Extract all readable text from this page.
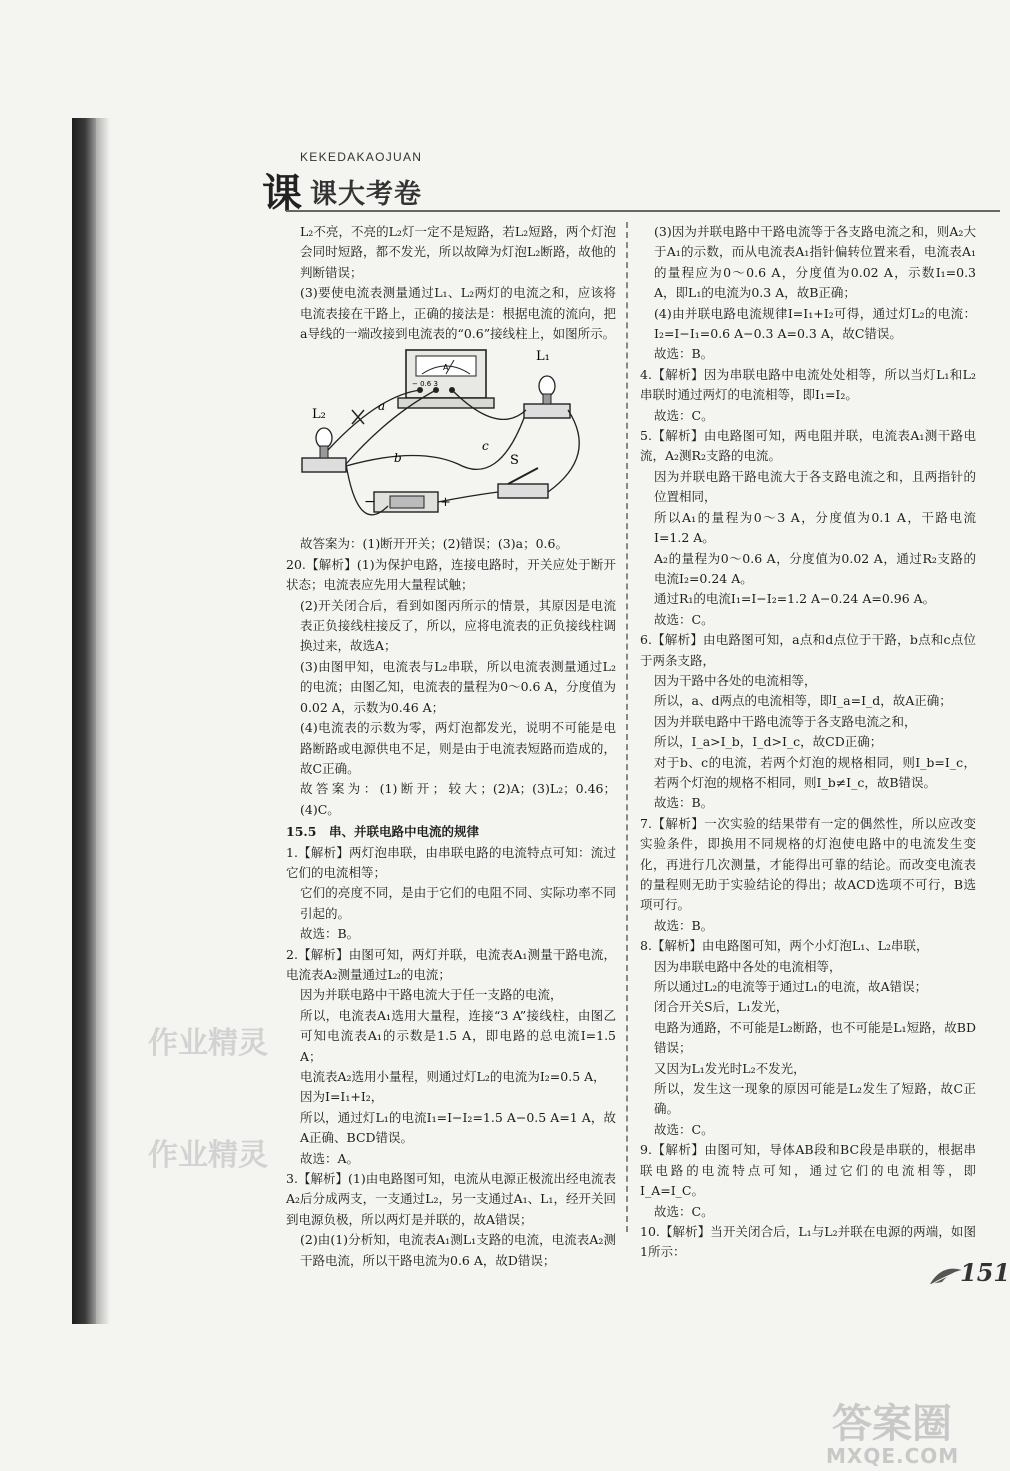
KEKEDAKAOJUAN
课 课大考卷

L₂不亮，不亮的L₂灯一定不是短路，若L₂短路，两个灯泡会同时短路，都不发光，所以故障为灯泡L₂断路，故他的判断错误；

(3)要使电流表测量通过L₁、L₂两灯的电流之和，应该将电流表接在干路上，正确的接法是：根据电流的流向，把a导线的一端改接到电流表的“0.6”接线柱上，如图所示。

A
− 0.6 3
L₁
L₂
−	+
S
a
b
c

故答案为：(1)断开开关；(2)错误；(3)a；0.6。

20.【解析】(1)为保护电路，连接电路时，开关应处于断开状态；电流表应先用大量程试触；

(2)开关闭合后，看到如图丙所示的情景，其原因是电流表正负接线柱接反了，所以，应将电流表的正负接线柱调换过来，故选A；

(3)由图甲知，电流表与L₂串联，所以电流表测量通过L₂的电流；由图乙知，电流表的量程为0～0.6 A，分度值为0.02 A，示数为0.46 A；

(4)电流表的示数为零，两灯泡都发光，说明不可能是电路断路或电源供电不足，则是由于电流表短路而造成的，故C正确。

故答案为：(1)断开；较大；(2)A；(3)L₂；0.46；(4)C。

15.5　串、并联电路中电流的规律

1.【解析】两灯泡串联，由串联电路的电流特点可知：流过它们的电流相等；

它们的亮度不同，是由于它们的电阻不同、实际功率不同引起的。

故选：B。

2.【解析】由图可知，两灯并联，电流表A₁测量干路电流，电流表A₂测量通过L₂的电流；

因为并联电路中干路电流大于任一支路的电流，

所以，电流表A₁选用大量程，连接“3 A”接线柱，由图乙可知电流表A₁的示数是1.5 A，即电路的总电流I=1.5 A；

电流表A₂选用小量程，则通过灯L₂的电流为I₂=0.5 A，

因为I=I₁+I₂，

所以，通过灯L₁的电流I₁=I−I₂=1.5 A−0.5 A=1 A，故A正确、BCD错误。

故选：A。

3.【解析】(1)由电路图可知，电流从电源正极流出经电流表A₂后分成两支，一支通过L₂，另一支通过A₁、L₁，经开关回到电源负极，所以两灯是并联的，故A错误；

(2)由(1)分析知，电流表A₁测L₁支路的电流，电流表A₂测干路电流，所以干路电流为0.6 A，故D错误；

(3)因为并联电路中干路电流等于各支路电流之和，则A₂大于A₁的示数，而从电流表A₁指针偏转位置来看，电流表A₁的量程应为0～0.6 A，分度值为0.02 A，示数I₁=0.3 A，即L₁的电流为0.3 A，故B正确；

(4)由并联电路电流规律I=I₁+I₂可得，通过灯L₂的电流：I₂=I−I₁=0.6 A−0.3 A=0.3 A，故C错误。

故选：B。

4.【解析】因为串联电路中电流处处相等，所以当灯L₁和L₂串联时通过两灯的电流相等，即I₁=I₂。

故选：C。

5.【解析】由电路图可知，两电阻并联，电流表A₁测干路电流，A₂测R₂支路的电流。

因为并联电路干路电流大于各支路电流之和，且两指针的位置相同，

所以A₁的量程为0～3 A，分度值为0.1 A，干路电流I=1.2 A。

A₂的量程为0～0.6 A，分度值为0.02 A，通过R₂支路的电流I₂=0.24 A。

通过R₁的电流I₁=I−I₂=1.2 A−0.24 A=0.96 A。

故选：C。

6.【解析】由电路图可知，a点和d点位于干路，b点和c点位于两条支路，

因为干路中各处的电流相等，

所以，a、d两点的电流相等，即I_a=I_d，故A正确；

因为并联电路中干路电流等于各支路电流之和，

所以，I_a>I_b，I_d>I_c，故CD正确；

对于b、c的电流，若两个灯泡的规格相同，则I_b=I_c，若两个灯泡的规格不相同，则I_b≠I_c，故B错误。

故选：B。

7.【解析】一次实验的结果带有一定的偶然性，所以应改变实验条件，即换用不同规格的灯泡使电路中的电流发生变化，再进行几次测量，才能得出可靠的结论。而改变电流表的量程则无助于实验结论的得出；故ACD选项不可行，B选项可行。

故选：B。

8.【解析】由电路图可知，两个小灯泡L₁、L₂串联，

因为串联电路中各处的电流相等，

所以通过L₂的电流等于通过L₁的电流，故A错误；

闭合开关S后，L₁发光，

电路为通路，不可能是L₂断路，也不可能是L₁短路，故BD错误；

又因为L₁发光时L₂不发光，

所以，发生这一现象的原因可能是L₂发生了短路，故C正确。

故选：C。

9.【解析】由图可知，导体AB段和BC段是串联的，根据串联电路的电流特点可知，通过它们的电流相等，即I_A=I_C。

故选：C。

10.【解析】当开关闭合后，L₁与L₂并联在电源的两端，如图1所示：

作业精灵
作业精灵
151
答案圈
MXQE.COM
